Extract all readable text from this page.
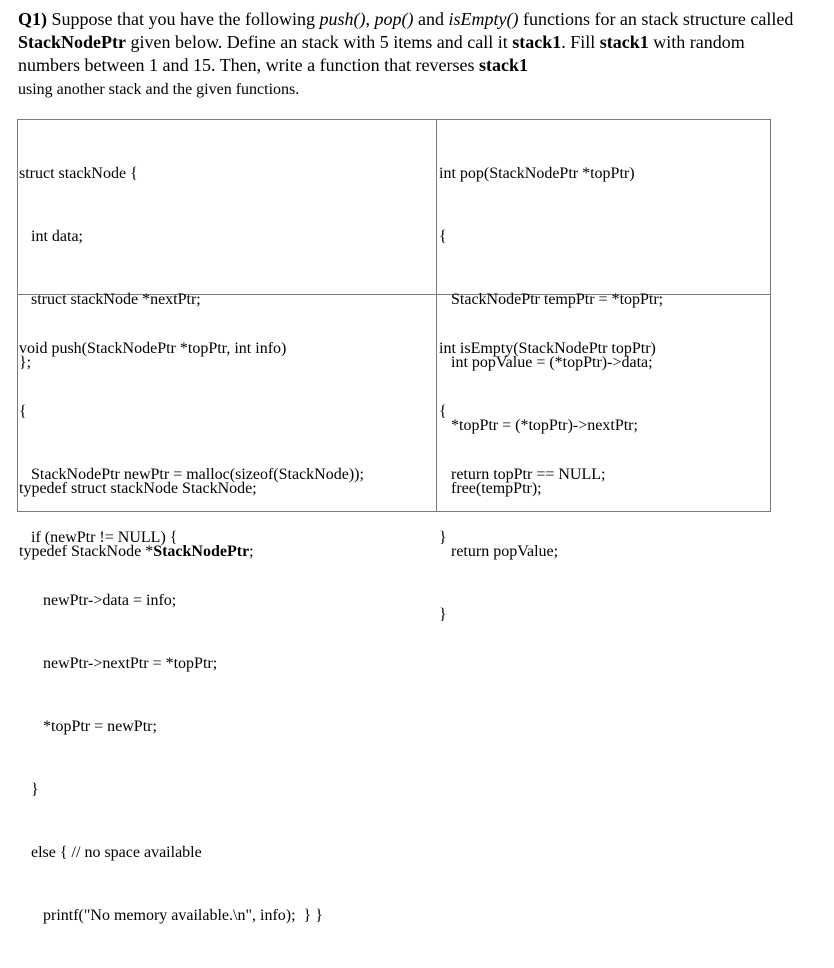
Q1) Suppose that you have the following push(), pop() and isEmpty() functions for an stack structure called StackNodePtr given below. Define an stack with 5 items and call it stack1. Fill stack1 with random numbers between 1 and 15. Then, write a function that reverses stack1
using another stack and the given functions.

struct stackNode {

int data;

struct stackNode *nextPtr;

};

typedef struct stackNode StackNode;

typedef StackNode *StackNodePtr;

int pop(StackNodePtr *topPtr)

{

StackNodePtr tempPtr = *topPtr;

int popValue = (*topPtr)->data;

*topPtr = (*topPtr)->nextPtr;

free(tempPtr);

return popValue;

}

void push(StackNodePtr *topPtr, int info)

{

StackNodePtr newPtr = malloc(sizeof(StackNode));

if (newPtr != NULL) {

newPtr->data = info;

newPtr->nextPtr = *topPtr;

*topPtr = newPtr;

}

else { // no space available

printf("No memory available.\n", info);  } }

int isEmpty(StackNodePtr topPtr)

{

return topPtr == NULL;

}
